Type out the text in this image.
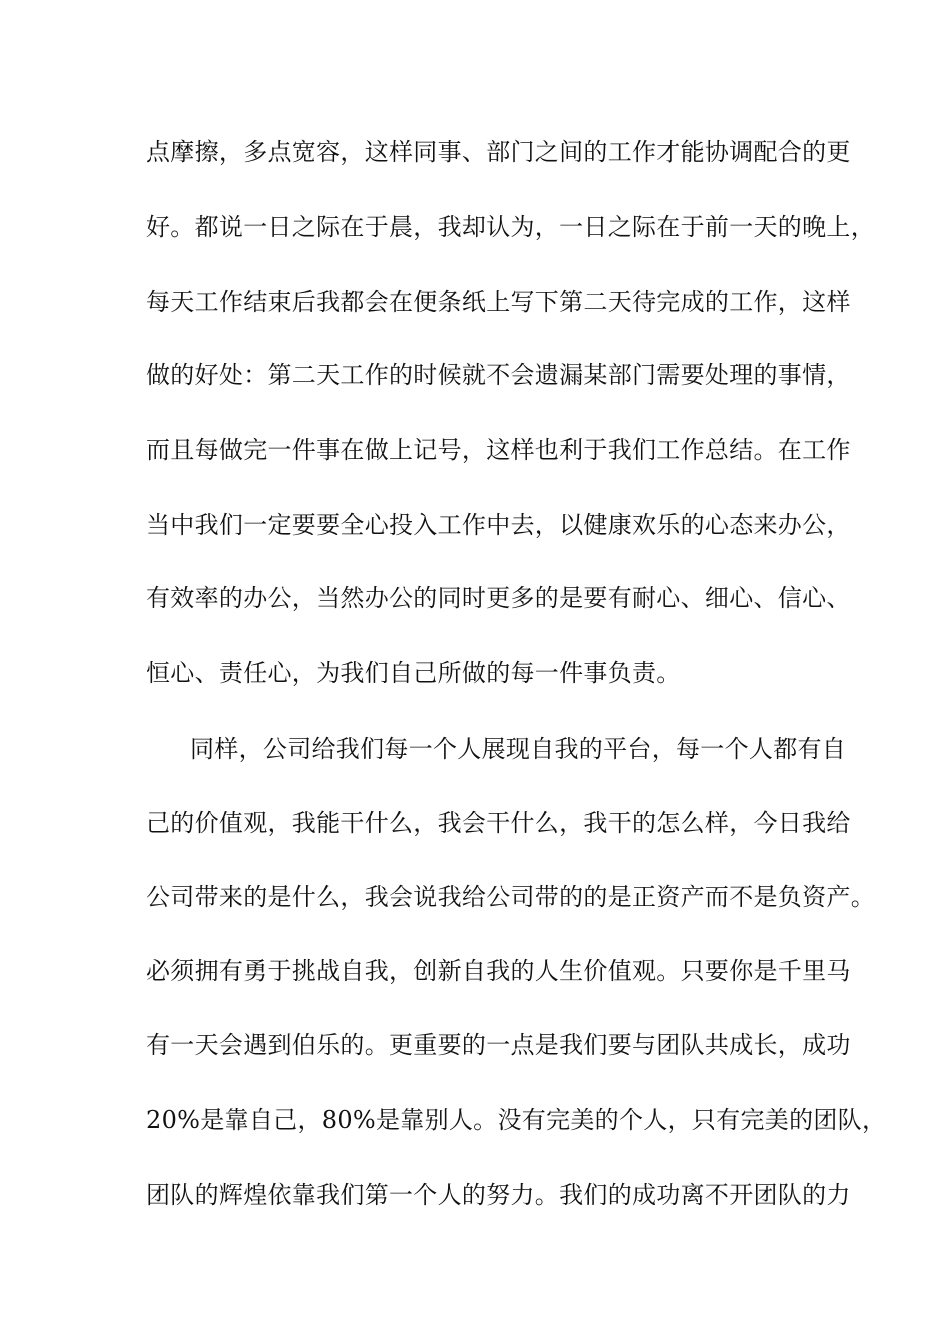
点摩擦，多点宽容，这样同事、部门之间的工作才能协调配合的更
好。都说一日之际在于晨，我却认为，一日之际在于前一天的晚上，
每天工作结束后我都会在便条纸上写下第二天待完成的工作，这样
做的好处：第二天工作的时候就不会遗漏某部门需要处理的事情，
而且每做完一件事在做上记号，这样也利于我们工作总结。在工作
当中我们一定要要全心投入工作中去，以健康欢乐的心态来办公，
有效率的办公，当然办公的同时更多的是要有耐心、细心、信心、
恒心、责任心，为我们自己所做的每一件事负责。
同样，公司给我们每一个人展现自我的平台，每一个人都有自
己的价值观，我能干什么，我会干什么，我干的怎么样，今日我给
公司带来的是什么，我会说我给公司带的的是正资产而不是负资产。
必须拥有勇于挑战自我，创新自我的人生价值观。只要你是千里马
有一天会遇到伯乐的。更重要的一点是我们要与团队共成长，成功
20%是靠自己，80%是靠别人。没有完美的个人，只有完美的团队，
团队的辉煌依靠我们第一个人的努力。我们的成功离不开团队的力
